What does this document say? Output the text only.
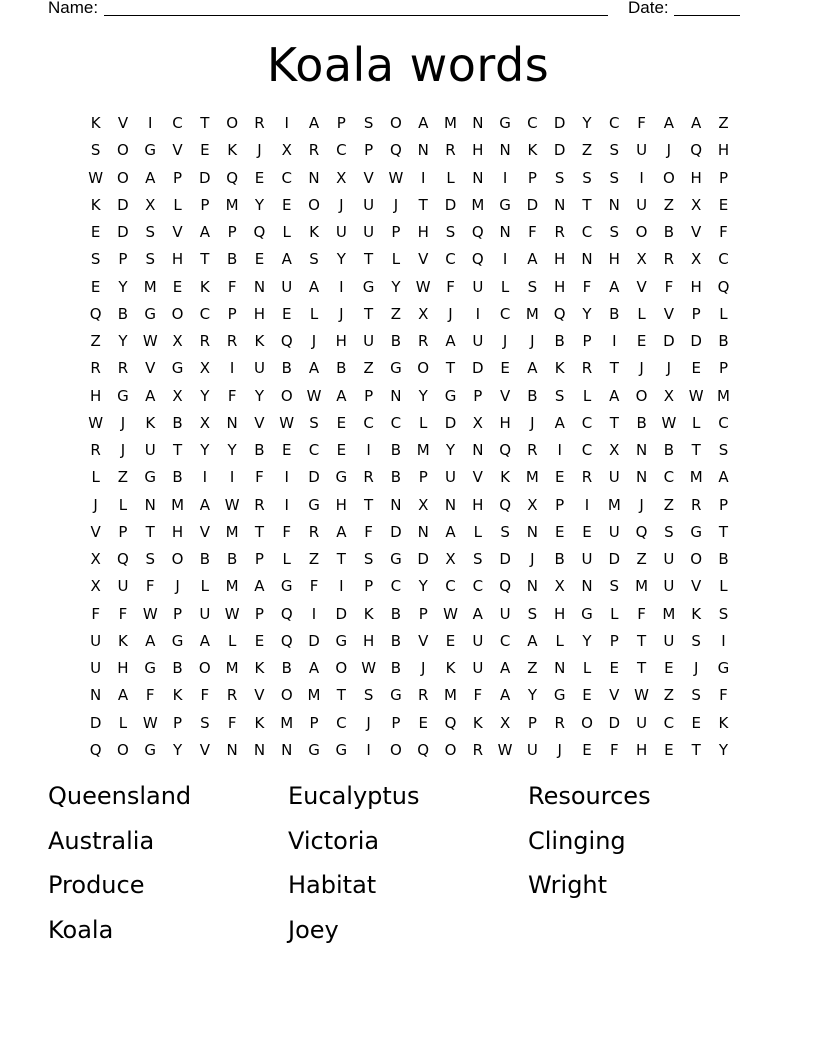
Name:	Date:
Koala words
K	V	I	C	T	O	R	I	A	P	S	O	A	M	N	G	C	D	Y	C	F	A	A	Z
S	O	G	V	E	K	J	X	R	C	P	Q	N	R	H	N	K	D	Z	S	U	J	Q	H
W O	A	P	D	Q	E	C	N	X	V W	I	L	N	I	P	S	S	S	I	O	H	P
K	D	X	L	P	M	Y	E	O	J	U	J	T	D	M	G	D	N	T	N	U	Z	X	E
E	D	S	V	A	P	Q	L	K	U	U	P	H	S	Q	N	F	R	C	S	O	B	V	F
S	P	S	H	T	B	E	A	S	Y	T	L	V	C	Q	I	A	H	N	H	X	R	X	C
E	Y	M	E	K	F	N	U	A	I	G	Y	W	F	U	L	S	H	F	A	V	F	H	Q
Q	B	G	O	C	P	H	E	L	J	T	Z	X	J	I	C	M Q	Y	B	L	V	P	L
Z	Y	W X	R	R	K	Q	J	H	U	B	R	A	U	J	J	B	P	I	E	D	D	B
R	R	V	G	X	I	U	B	A	B	Z	G	O	T	D	E	A	K	R	T	J	J	E	P
H	G	A	X	Y	F	Y	O W A	P	N	Y	G	P	V	B	S	L	A	O	X W M
W	J	K	B	X	N	V W	S	E	C	C	L	D	X	H	J	A	C	T	B W	L	C
R	J	U	T	Y	Y	B	E	C	E	I	B	M	Y	N	Q	R	I	C	X	N	B	T	S
L	Z	G	B	I	I	F	I	D	G	R	B	P	U	V	K	M	E	R	U	N	C	M	A
J	L	N	M	A W R	I	G	H	T	N	X	N	H	Q	X	P	I	M	J	Z	R	P
V	P	T	H	V	M	T	F	R	A	F	D	N	A	L	S	N	E	E	U	Q	S	G	T
X	Q	S	O	B	B	P	L	Z	T	S	G	D	X	S	D	J	B	U	D	Z	U	O	B
X	U	F	J	L	M	A	G	F	I	P	C	Y	C	C	Q	N	X	N	S	M	U	V	L
F	F	W	P	U W	P	Q	I	D	K	B	P	W A	U	S	H	G	L	F	M	K	S
U	K	A	G	A	L	E	Q	D	G	H	B	V	E	U	C	A	L	Y	P	T	U	S	I
U	H	G	B	O M	K	B	A	O W B	J	K	U	A	Z	N	L	E	T	E	J	G
N	A	F	K	F	R	V	O M	T	S	G	R	M	F	A	Y	G	E	V W Z	S	F
D	L	W	P	S	F	K	M	P	C	J	P	E	Q	K	X	P	R	O	D	U	C	E	K
Q	O	G	Y	V	N	N	N	G	G	I	O	Q	O	R W U	J	E	F	H	E	T	Y
Queensland	Eucalyptus	Resources
Australia	Victoria	Clinging
Produce	Habitat	Wright
Koala	Joey
